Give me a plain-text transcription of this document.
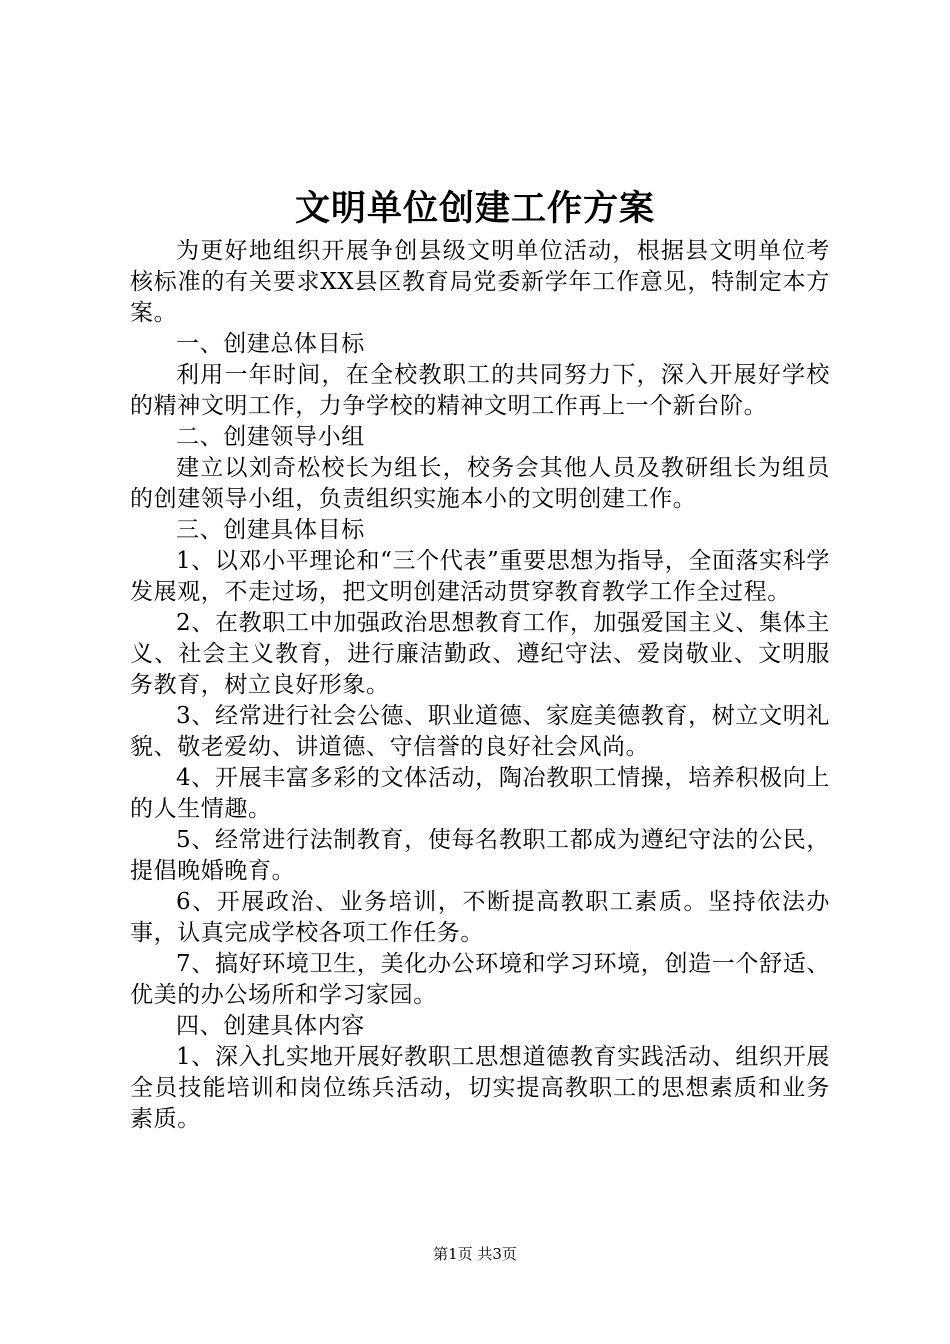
文明单位创建工作方案

为更好地组织开展争创县级文明单位活动，根据县文明单位考核标准的有关要求XX县区教育局党委新学年工作意见，特制定本方案。

一、创建总体目标

利用一年时间，在全校教职工的共同努力下，深入开展好学校的精神文明工作，力争学校的精神文明工作再上一个新台阶。

二、创建领导小组

建立以刘奇松校长为组长，校务会其他人员及教研组长为组员的创建领导小组，负责组织实施本小的文明创建工作。

三、创建具体目标

1、以邓小平理论和“三个代表”重要思想为指导，全面落实科学发展观，不走过场，把文明创建活动贯穿教育教学工作全过程。

2、在教职工中加强政治思想教育工作，加强爱国主义、集体主义、社会主义教育，进行廉洁勤政、遵纪守法、爱岗敬业、文明服务教育，树立良好形象。

3、经常进行社会公德、职业道德、家庭美德教育，树立文明礼貌、敬老爱幼、讲道德、守信誉的良好社会风尚。

4、开展丰富多彩的文体活动，陶冶教职工情操，培养积极向上的人生情趣。

5、经常进行法制教育，使每名教职工都成为遵纪守法的公民，提倡晚婚晚育。

6、开展政治、业务培训，不断提高教职工素质。坚持依法办事，认真完成学校各项工作任务。

7、搞好环境卫生，美化办公环境和学习环境，创造一个舒适、优美的办公场所和学习家园。

四、创建具体内容

1、深入扎实地开展好教职工思想道德教育实践活动、组织开展全员技能培训和岗位练兵活动，切实提高教职工的思想素质和业务素质。

第1页 共3页
